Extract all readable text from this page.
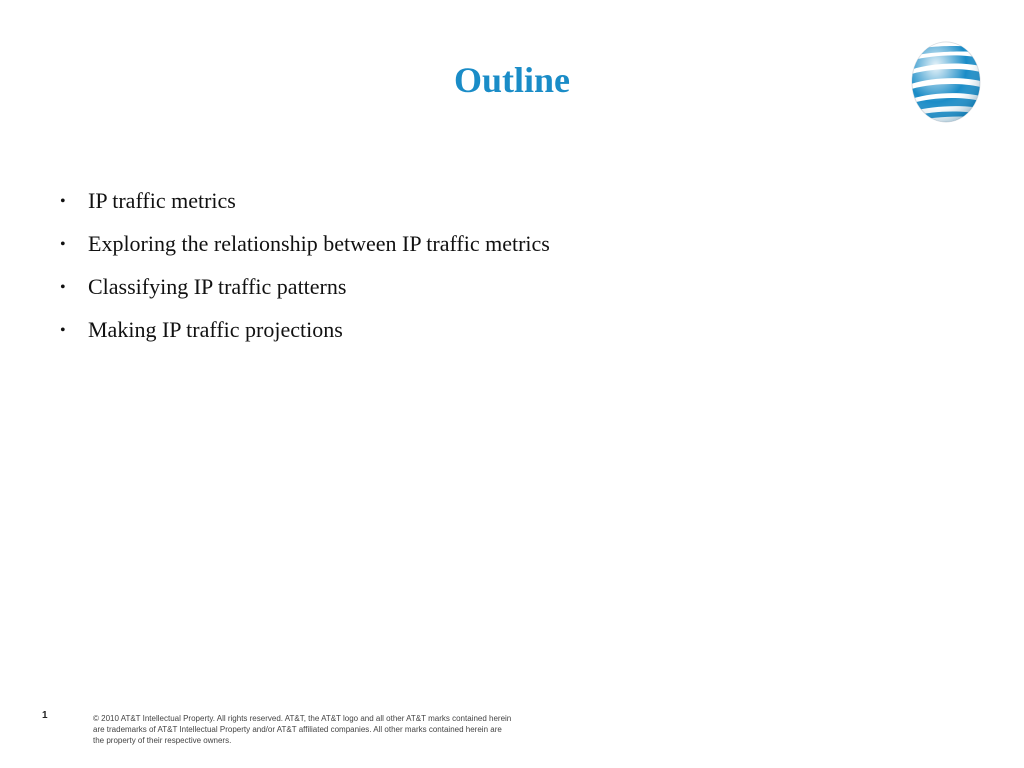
Outline
• IP traffic metrics
• Exploring the relationship between IP traffic metrics
• Classifying IP traffic patterns
• Making IP traffic projections
1	© 2010 AT&T Intellectual Property. All rights reserved. AT&T, the AT&T logo and all other AT&T marks contained herein
are trademarks of AT&T Intellectual Property and/or AT&T affiliated companies. All other marks contained herein are
the property of their respective owners.
